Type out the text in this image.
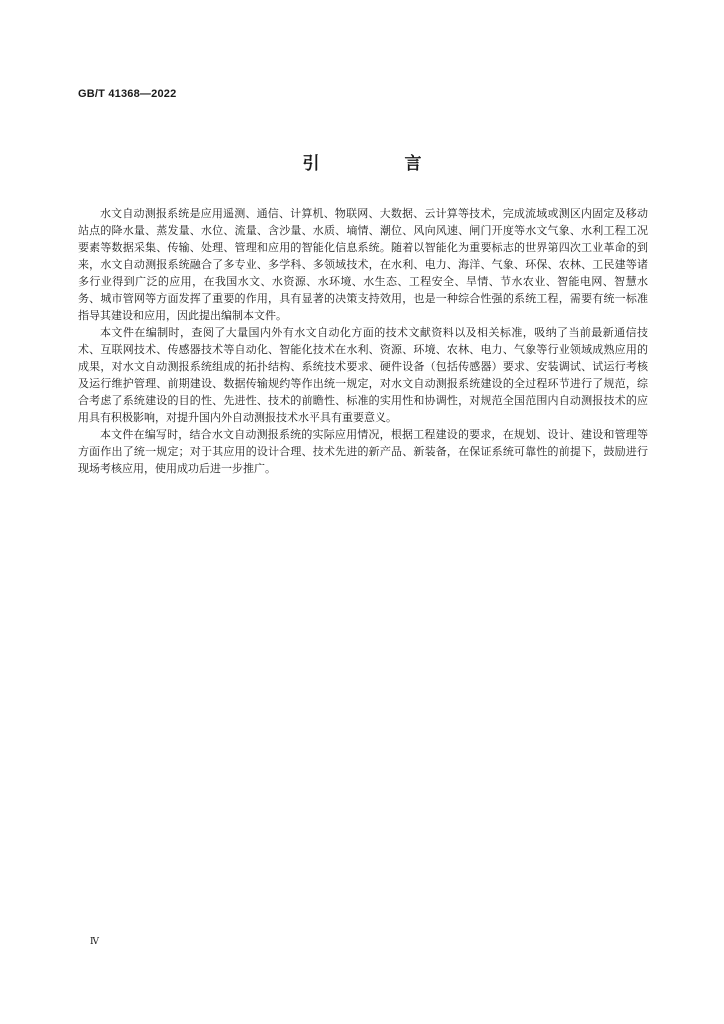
GB/T 41368—2022
引　言

水文自动测报系统是应用遥测、通信、计算机、物联网、大数据、云计算等技术，完成流域或测区内固定及移动站点的降水量、蒸发量、水位、流量、含沙量、水质、墒情、潮位、风向风速、闸门开度等水文气象、水利工程工况要素等数据采集、传输、处理、管理和应用的智能化信息系统。随着以智能化为重要标志的世界第四次工业革命的到来，水文自动测报系统融合了多专业、多学科、多领域技术，在水利、电力、海洋、气象、环保、农林、工民建等诸多行业得到广泛的应用，在我国水文、水资源、水环境、水生态、工程安全、旱情、节水农业、智能电网、智慧水务、城市管网等方面发挥了重要的作用，具有显著的决策支持效用，也是一种综合性强的系统工程，需要有统一标准指导其建设和应用，因此提出编制本文件。

本文件在编制时，查阅了大量国内外有水文自动化方面的技术文献资料以及相关标准，吸纳了当前最新通信技术、互联网技术、传感器技术等自动化、智能化技术在水利、资源、环境、农林、电力、气象等行业领域成熟应用的成果，对水文自动测报系统组成的拓扑结构、系统技术要求、硬件设备（包括传感器）要求、安装调试、试运行考核及运行维护管理、前期建设、数据传输规约等作出统一规定，对水文自动测报系统建设的全过程环节进行了规范，综合考虑了系统建设的目的性、先进性、技术的前瞻性、标准的实用性和协调性，对规范全国范围内自动测报技术的应用具有积极影响，对提升国内外自动测报技术水平具有重要意义。

本文件在编写时，结合水文自动测报系统的实际应用情况，根据工程建设的要求，在规划、设计、建设和管理等方面作出了统一规定；对于其应用的设计合理、技术先进的新产品、新装备，在保证系统可靠性的前提下，鼓励进行现场考核应用，使用成功后进一步推广。

Ⅳ
